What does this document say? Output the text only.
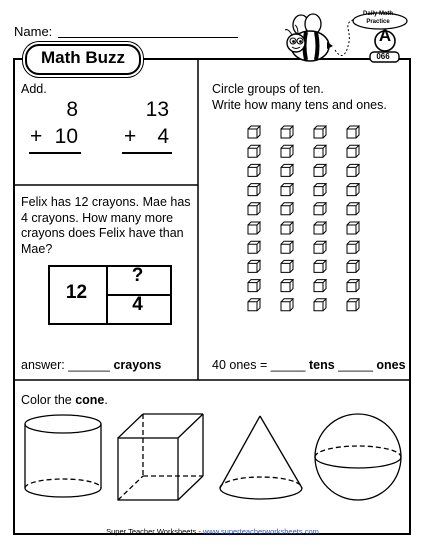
Name:
Math Buzz
Daily Math
Practice
A
066
Add.
8
+ 10
13
+ 4
Felix has 12 crayons. Mae has 4 crayons. How many more crayons does Felix have than Mae?
12
?
4
answer: ______ crayons
Circle groups of ten.
Write how many tens and ones.
40 ones = _____ tens _____ ones
Color the cone.
Super Teacher Worksheets - www.superteacherworksheets.com
